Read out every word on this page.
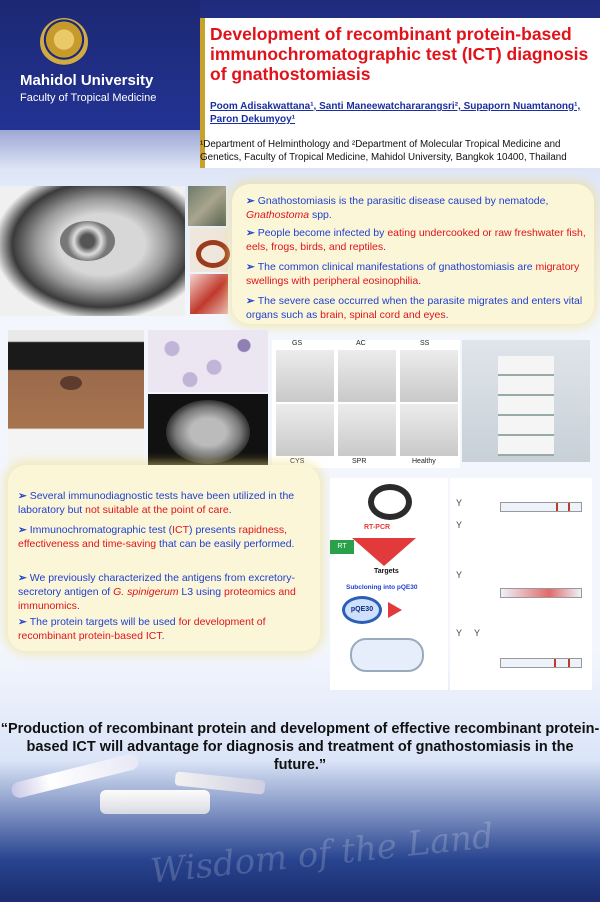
Mahidol University
Faculty of Tropical Medicine
Development of recombinant protein-based immunochromatographic test (ICT) diagnosis of gnathostomiasis
Poom Adisakwattana¹, Santi Maneewatchararangsri², Supaporn Nuamtanong¹, Paron Dekumyoy¹
¹Department of Helminthology and ²Department of Molecular Tropical Medicine and Genetics, Faculty of Tropical Medicine, Mahidol University, Bangkok 10400, Thailand
➢ Gnathostomiasis is the parasitic disease caused by nematode, Gnathostoma spp.
➢ People become infected by eating undercooked or raw freshwater fish, eels, frogs, birds, and reptiles.
➢ The common clinical manifestations of gnathostomiasis are migratory swellings with peripheral eosinophilia.
➢ The severe case occurred when the parasite migrates and enters vital organs such as brain, spinal cord and eyes.
GS	AC	SS
CYS	SPR	Healthy
➢ Several immunodiagnostic tests have been utilized in the laboratory but not suitable at the point of care.
➢ Immunochromatographic test (ICT) presents rapidness, effectiveness and time-saving that can be easily performed.
➢ We previously characterized the antigens from excretory-secretory antigen of G. spinigerum L3 using proteomics and immunomics.
➢ The protein targets will be used for development of recombinant protein-based ICT.
RT-PCR
RT
Targets
Subcloning into pQE30
pQE30
Y
Y
Y
Y Y

“Production of recombinant protein and development of effective recombinant protein-based ICT will advantage for diagnosis and treatment of gnathostomiasis in the future.”

Wisdom of the Land
